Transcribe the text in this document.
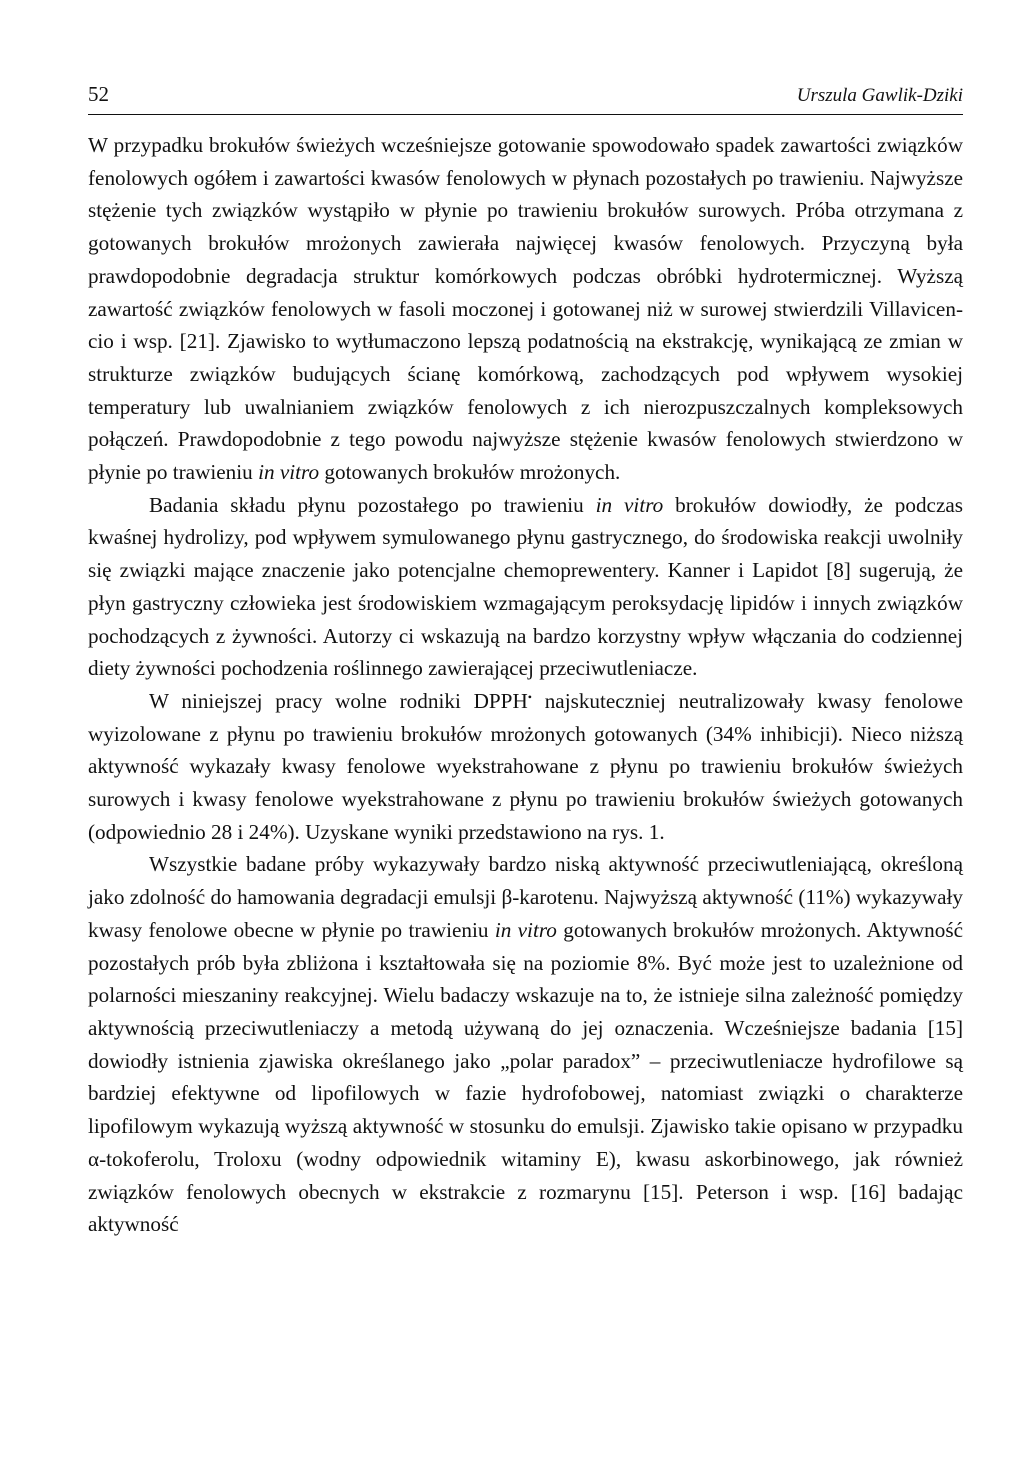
52	Urszula Gawlik-Dziki

W przypadku brokułów świeżych wcześniejsze gotowanie spowodowało spadek zawartości związków fenolowych ogółem i zawartości kwasów fenolowych w płynach pozostałych po trawieniu. Najwyższe stężenie tych związków wystąpiło w płynie po trawieniu brokułów surowych. Próba otrzymana z gotowanych brokułów mrożonych zawierała najwięcej kwasów fenolowych. Przyczyną była prawdopodobnie degradacja struktur komórkowych podczas obróbki hydrotermicznej. Wyższą zawartość związków fenolowych w fasoli moczonej i gotowanej niż w surowej stwierdzili Villavicencio i wsp. [21]. Zjawisko to wytłumaczono lepszą podatnością na ekstrakcję, wynikającą ze zmian w strukturze związków budujących ścianę komórkową, zachodzących pod wpływem wysokiej temperatury lub uwalnianiem związków fenolowych z ich nierozpuszczalnych kompleksowych połączeń. Prawdopodobnie z tego powodu najwyższe stężenie kwasów fenolowych stwierdzono w płynie po trawieniu in vitro gotowanych brokułów mrożonych.

Badania składu płynu pozostałego po trawieniu in vitro brokułów dowiodły, że podczas kwaśnej hydrolizy, pod wpływem symulowanego płynu gastrycznego, do środowiska reakcji uwolniły się związki mające znaczenie jako potencjalne chemoprewentery. Kanner i Lapidot [8] sugerują, że płyn gastryczny człowieka jest środowiskiem wzmagającym peroksydację lipidów i innych związków pochodzących z żywności. Autorzy ci wskazują na bardzo korzystny wpływ włączania do codziennej diety żywności pochodzenia roślinnego zawierającej przeciwutleniacze.

W niniejszej pracy wolne rodniki DPPH• najskuteczniej neutralizowały kwasy fenolowe wyizolowane z płynu po trawieniu brokułów mrożonych gotowanych (34% inhibicji). Nieco niższą aktywność wykazały kwasy fenolowe wyekstrahowane z płynu po trawieniu brokułów świeżych surowych i kwasy fenolowe wyekstrahowane z płynu po trawieniu brokułów świeżych gotowanych (odpowiednio 28 i 24%). Uzyskane wyniki przedstawiono na rys. 1.

Wszystkie badane próby wykazywały bardzo niską aktywność przeciwutleniającą, określoną jako zdolność do hamowania degradacji emulsji β-karotenu. Najwyższą aktywność (11%) wykazywały kwasy fenolowe obecne w płynie po trawieniu in vitro gotowanych brokułów mrożonych. Aktywność pozostałych prób była zbliżona i kształtowała się na poziomie 8%. Być może jest to uzależnione od polarności mieszaniny reakcyjnej. Wielu badaczy wskazuje na to, że istnieje silna zależność pomiędzy aktywnością przeciwutleniaczy a metodą używaną do jej oznaczenia. Wcześniejsze badania [15] dowiodły istnienia zjawiska określanego jako „polar paradox” – przeciwutleniacze hydrofilowe są bardziej efektywne od lipofilowych w fazie hydrofobowej, natomiast związki o charakterze lipofilowym wykazują wyższą aktywność w stosunku do emulsji. Zjawisko takie opisano w przypadku α-tokoferolu, Troloxu (wodny odpowiednik witaminy E), kwasu askorbinowego, jak również związków fenolowych obecnych w ekstrakcie z rozmarynu [15]. Peterson i wsp. [16] badając aktywność
